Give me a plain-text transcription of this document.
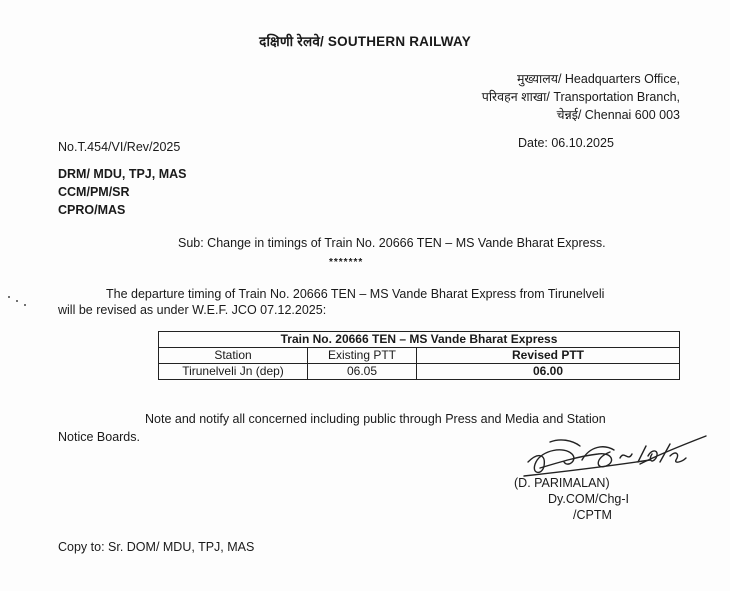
दक्षिणी रेलवे/ SOUTHERN RAILWAY
मुख्यालय/ Headquarters Office,
परिवहन शाखा/ Transportation Branch,
चेन्नई/ Chennai 600 003
No.T.454/VI/Rev/2025	Date: 06.10.2025
DRM/ MDU, TPJ, MAS
CCM/PM/SR
CPRO/MAS
Sub: Change in timings of Train No. 20666 TEN – MS Vande Bharat Express.
*******
The departure timing of Train No. 20666 TEN – MS Vande Bharat Express from Tirunelveli
will be revised as under W.E.F. JCO 07.12.2025:
Train No. 20666 TEN – MS Vande Bharat Express		
Station	Existing PTT	Revised PTT
Tirunelveli Jn (dep)	06.05	06.00
Note and notify all concerned including public through Press and Media and Station
Notice Boards.
(D. PARIMALAN)
Dy.COM/Chg-I
/CPTM
Copy to: Sr. DOM/ MDU, TPJ, MAS
